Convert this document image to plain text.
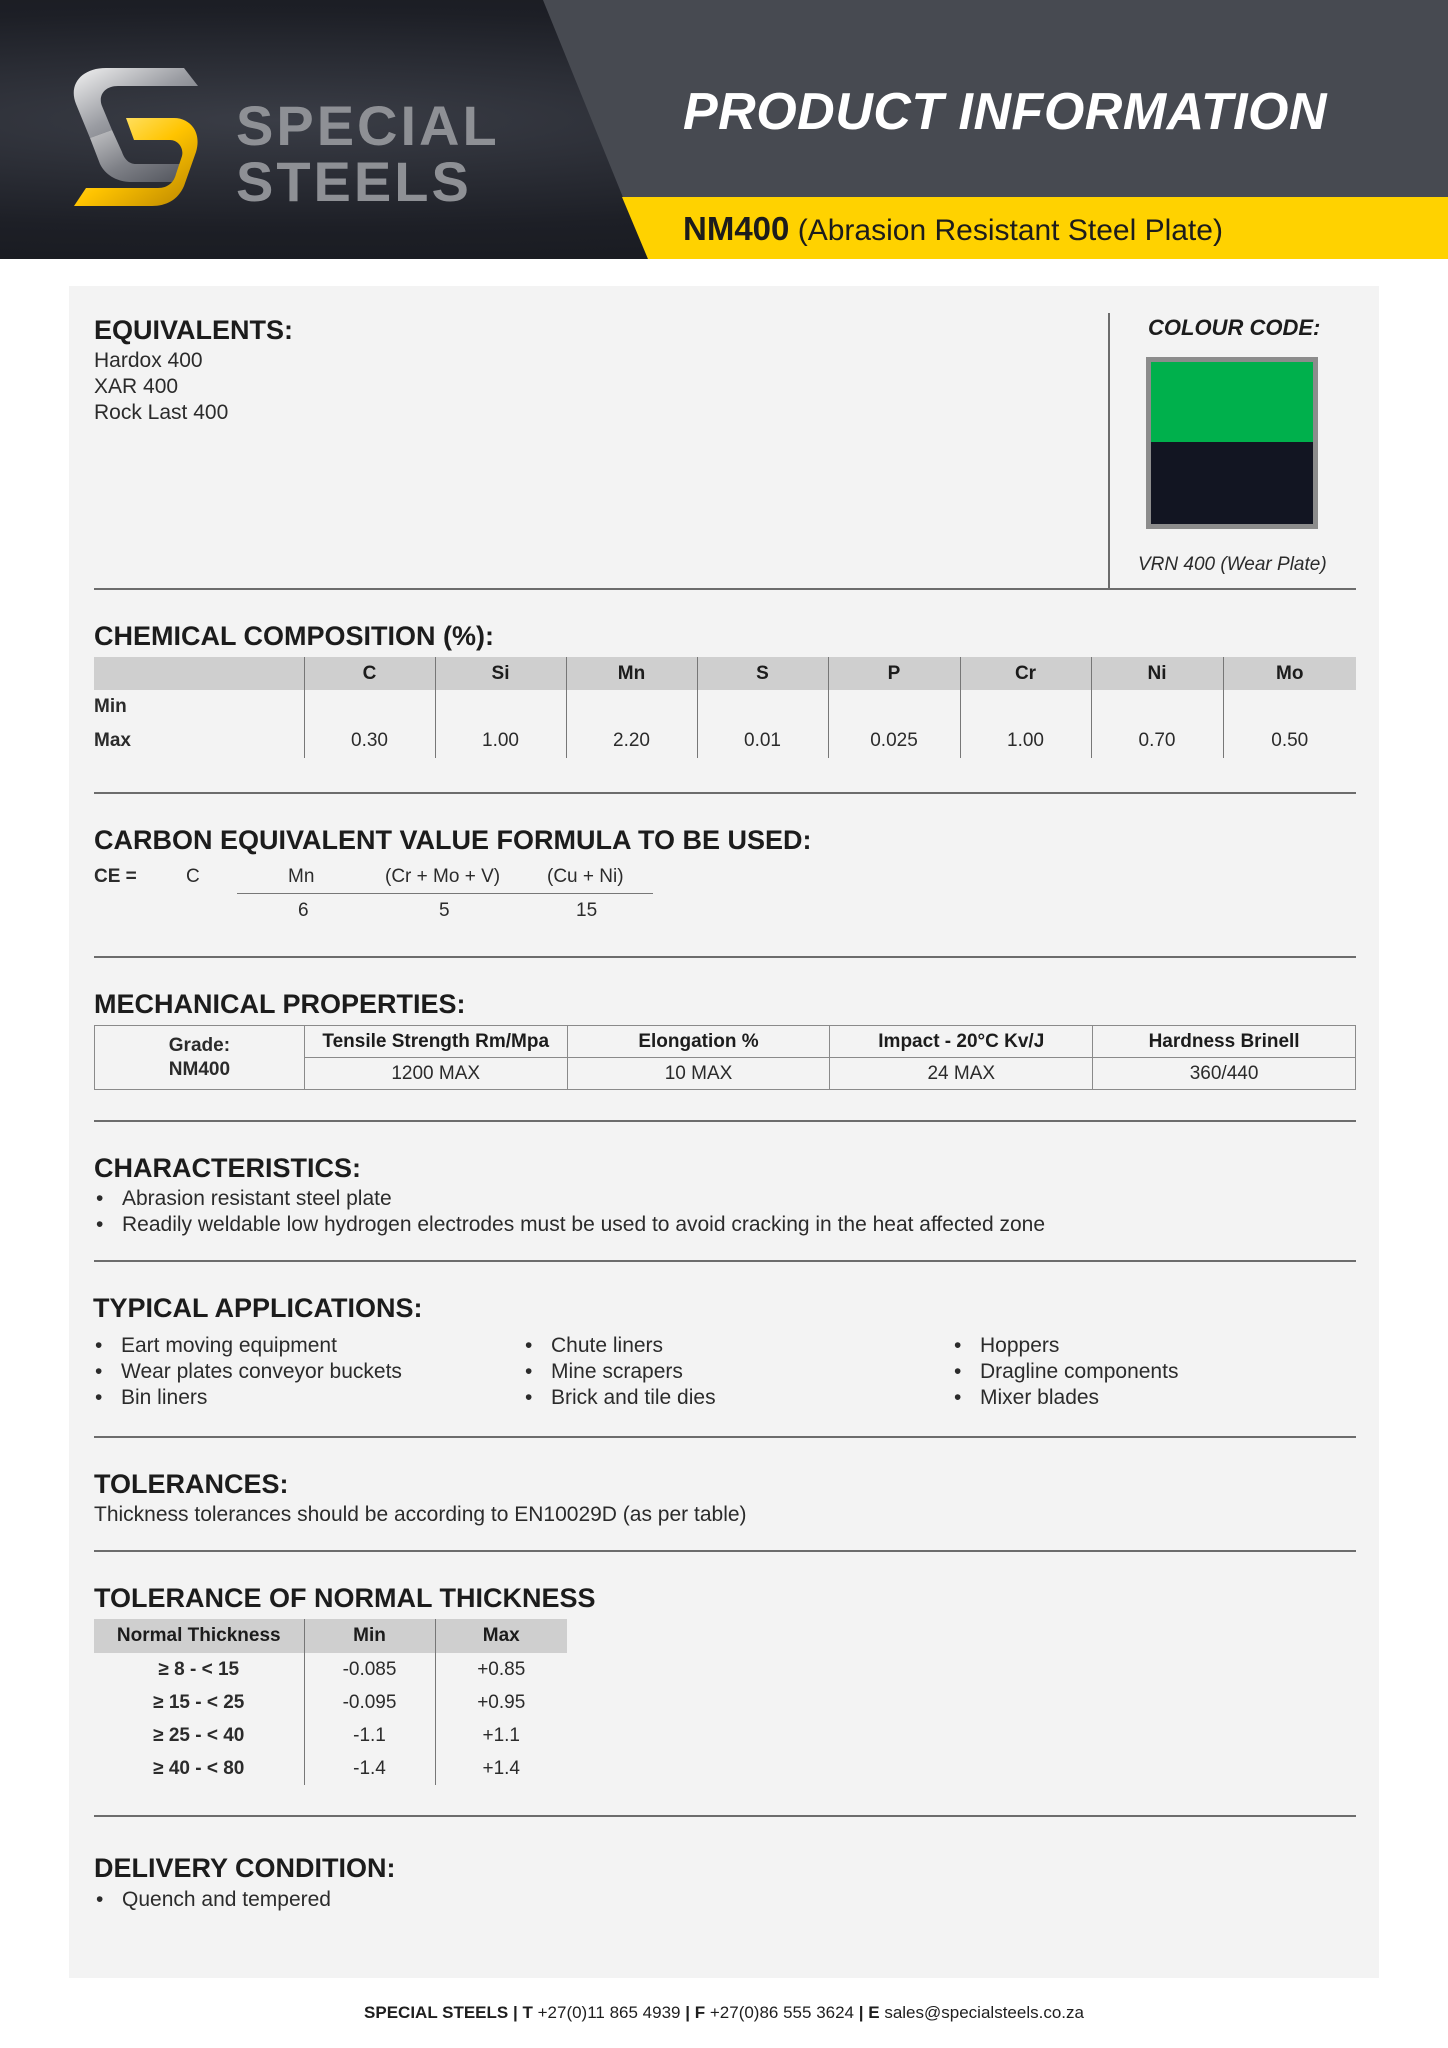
SPECIAL
STEELS
PRODUCT INFORMATION
NM400 (Abrasion Resistant Steel Plate)
EQUIVALENTS:
Hardox 400
XAR 400
Rock Last 400
COLOUR CODE:
VRN 400 (Wear Plate)
CHEMICAL COMPOSITION (%):
	C	Si	Mn	S	P	Cr	Ni	Mo
Min								
Max	0.30	1.00	2.20	0.01	0.025	1.00	0.70	0.50
CARBON EQUIVALENT VALUE FORMULA TO BE USED:
CE =	C	Mn	(Cr + Mo + V) (Cu + Ni)
6	5	15
MECHANICAL PROPERTIES:
Grade:
NM400	Tensile Strength Rm/Mpa	Elongation %	Impact - 20°C Kv/J	Hardness Brinell
	1200 MAX	10 MAX	24 MAX	360/440
CHARACTERISTICS:
• Abrasion resistant steel plate
• Readily weldable low hydrogen electrodes must be used to avoid cracking in the heat affected zone
TYPICAL APPLICATIONS:
• Eart moving equipment
• Wear plates conveyor buckets
• Bin liners
• Chute liners
• Mine scrapers
• Brick and tile dies
• Hoppers
• Dragline components
• Mixer blades
TOLERANCES:
Thickness tolerances should be according to EN10029D (as per table)
TOLERANCE OF NORMAL THICKNESS
Normal Thickness	Min	Max
≥ 8 - < 15	-0.085	+0.85
≥ 15 - < 25	-0.095	+0.95
≥ 25 - < 40	-1.1	+1.1
≥ 40 - < 80	-1.4	+1.4
DELIVERY CONDITION:
• Quench and tempered
SPECIAL STEELS | T +27(0)11 865 4939 | F +27(0)86 555 3624 | E sales@specialsteels.co.za
